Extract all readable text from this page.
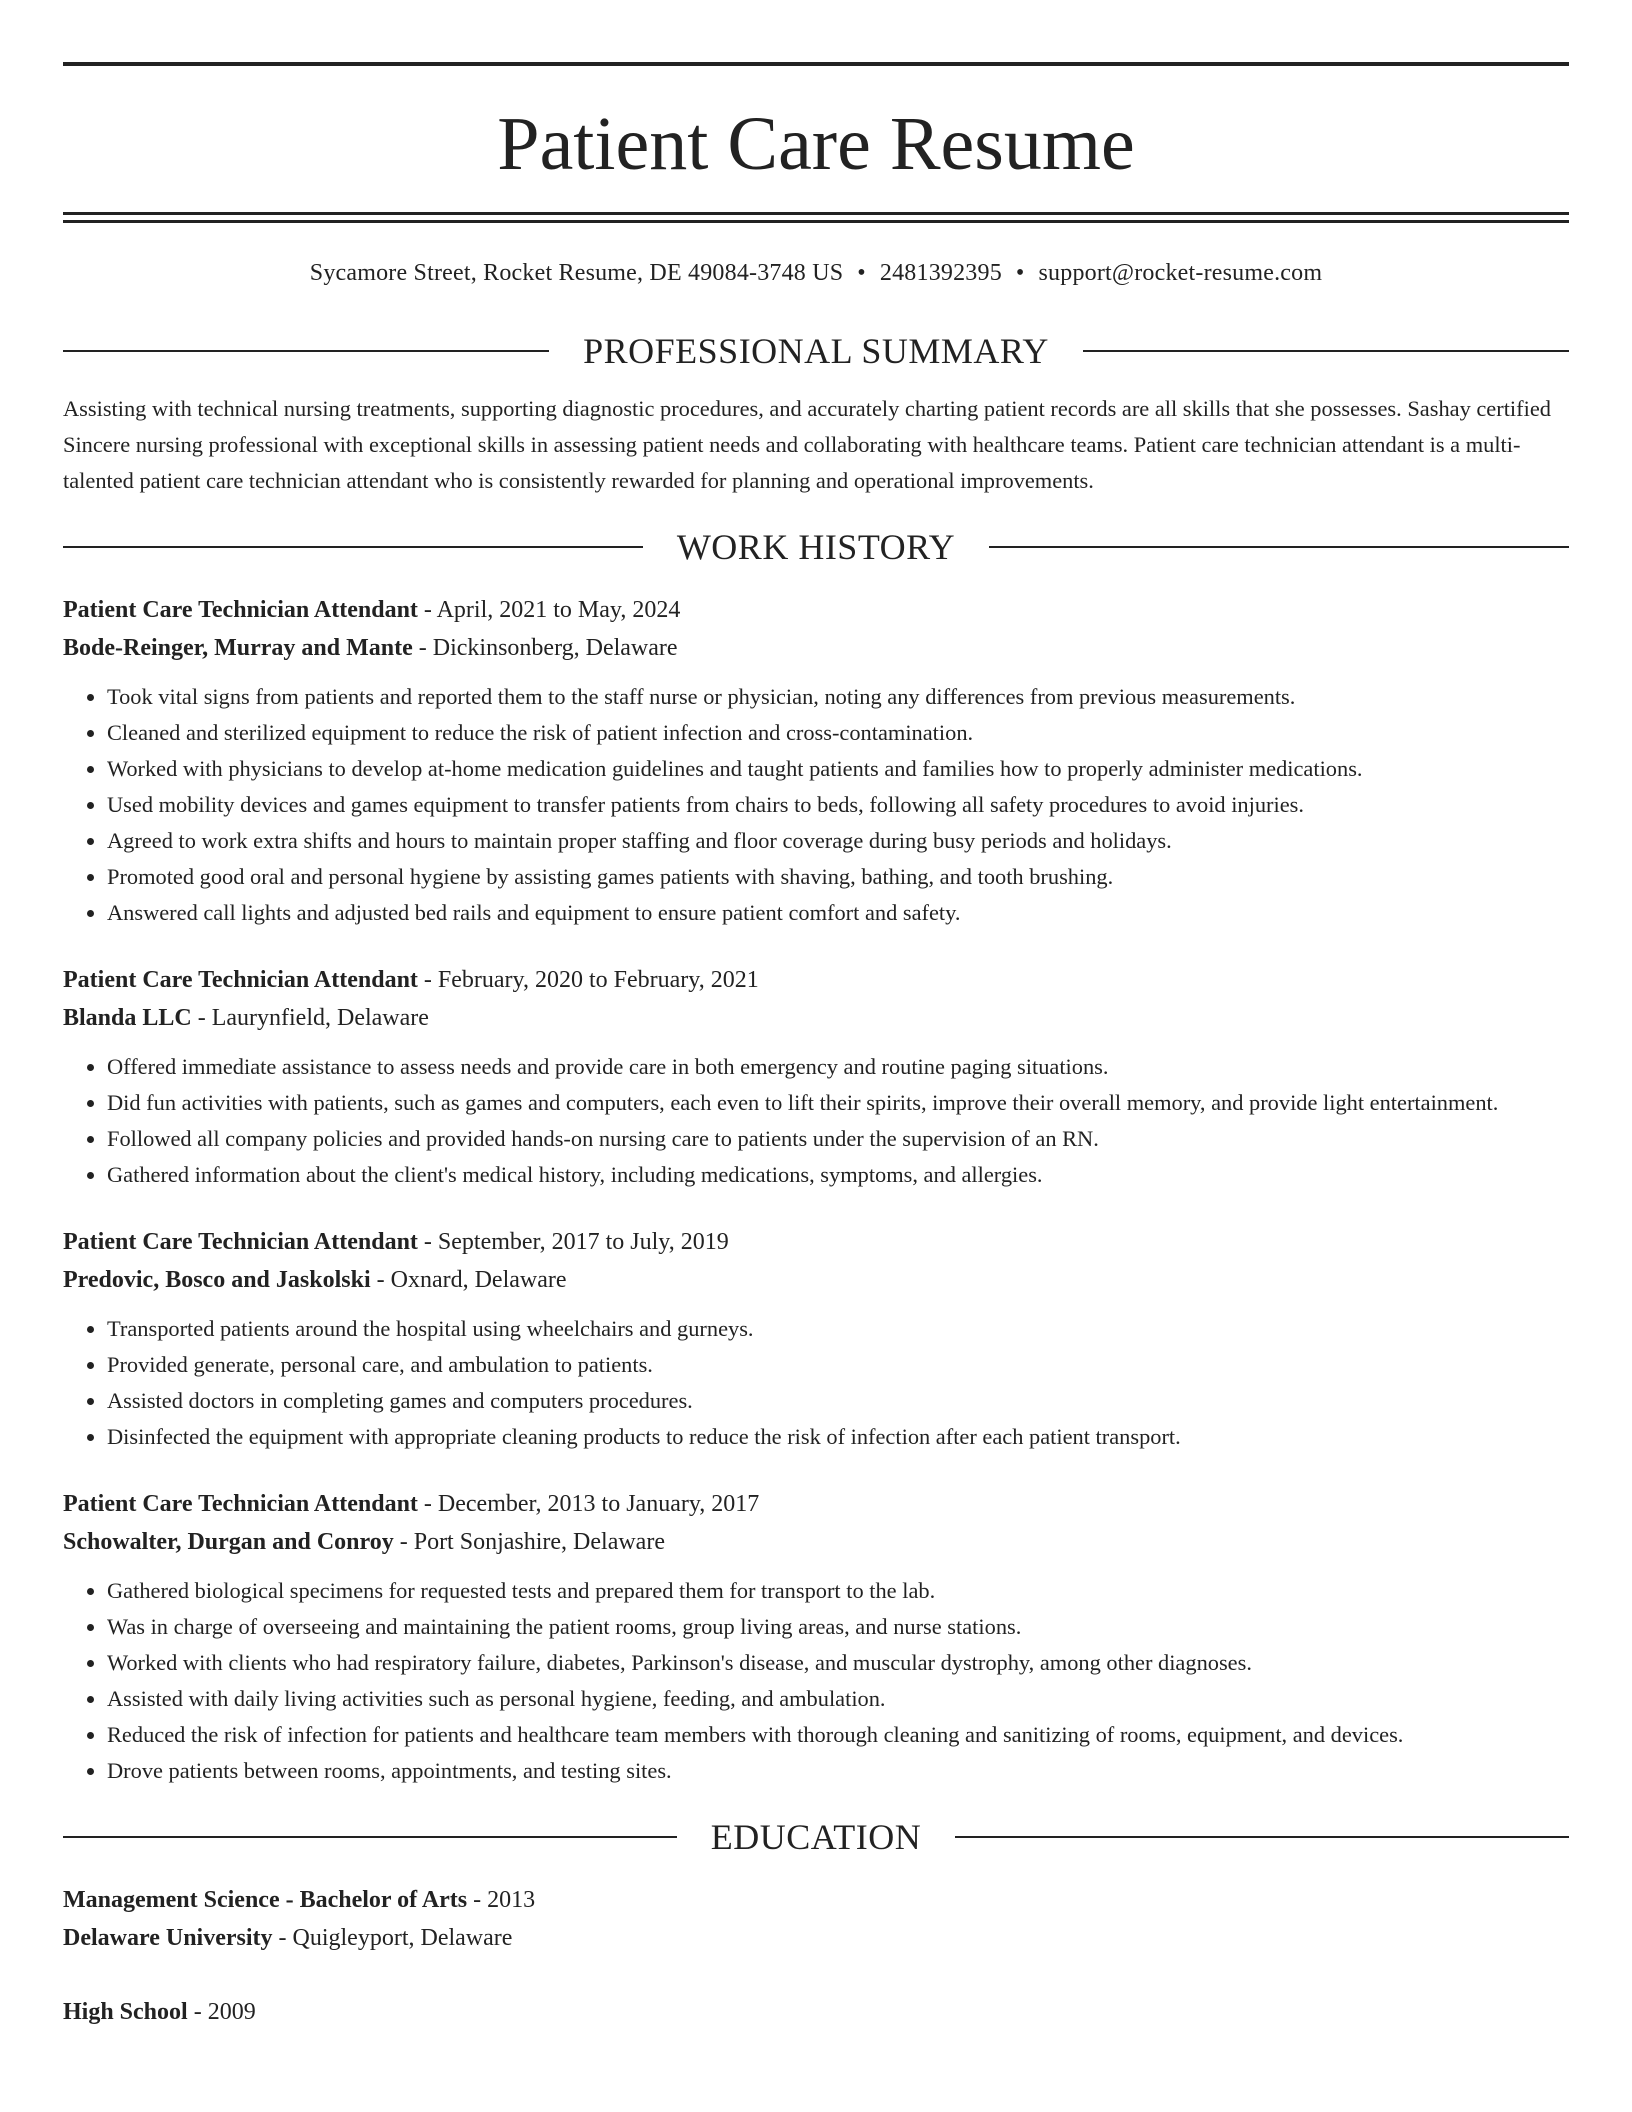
Patient Care Resume
Sycamore Street, Rocket Resume, DE 49084-3748 US • 2481392395 • support@rocket-resume.com
PROFESSIONAL SUMMARY

Assisting with technical nursing treatments, supporting diagnostic procedures, and accurately charting patient records are all skills that she possesses. Sashay certified Sincere nursing professional with exceptional skills in assessing patient needs and collaborating with healthcare teams. Patient care technician attendant is a multi-talented patient care technician attendant who is consistently rewarded for planning and operational improvements.

WORK HISTORY
Patient Care Technician Attendant - April, 2021 to May, 2024
Bode-Reinger, Murray and Mante - Dickinsonberg, Delaware
• Took vital signs from patients and reported them to the staff nurse or physician, noting any differences from previous measurements.
• Cleaned and sterilized equipment to reduce the risk of patient infection and cross-contamination.
• Worked with physicians to develop at-home medication guidelines and taught patients and families how to properly administer medications.
• Used mobility devices and games equipment to transfer patients from chairs to beds, following all safety procedures to avoid injuries.
• Agreed to work extra shifts and hours to maintain proper staffing and floor coverage during busy periods and holidays.
• Promoted good oral and personal hygiene by assisting games patients with shaving, bathing, and tooth brushing.
• Answered call lights and adjusted bed rails and equipment to ensure patient comfort and safety.
Patient Care Technician Attendant - February, 2020 to February, 2021
Blanda LLC - Laurynfield, Delaware
• Offered immediate assistance to assess needs and provide care in both emergency and routine paging situations.
• Did fun activities with patients, such as games and computers, each even to lift their spirits, improve their overall memory, and provide light entertainment.
• Followed all company policies and provided hands-on nursing care to patients under the supervision of an RN.
• Gathered information about the client's medical history, including medications, symptoms, and allergies.
Patient Care Technician Attendant - September, 2017 to July, 2019
Predovic, Bosco and Jaskolski - Oxnard, Delaware
• Transported patients around the hospital using wheelchairs and gurneys.
• Provided generate, personal care, and ambulation to patients.
• Assisted doctors in completing games and computers procedures.
• Disinfected the equipment with appropriate cleaning products to reduce the risk of infection after each patient transport.
Patient Care Technician Attendant - December, 2013 to January, 2017
Schowalter, Durgan and Conroy - Port Sonjashire, Delaware
• Gathered biological specimens for requested tests and prepared them for transport to the lab.
• Was in charge of overseeing and maintaining the patient rooms, group living areas, and nurse stations.
• Worked with clients who had respiratory failure, diabetes, Parkinson's disease, and muscular dystrophy, among other diagnoses.
• Assisted with daily living activities such as personal hygiene, feeding, and ambulation.
• Reduced the risk of infection for patients and healthcare team members with thorough cleaning and sanitizing of rooms, equipment, and devices.
• Drove patients between rooms, appointments, and testing sites.
EDUCATION
Management Science - Bachelor of Arts - 2013
Delaware University - Quigleyport, Delaware
High School - 2009
